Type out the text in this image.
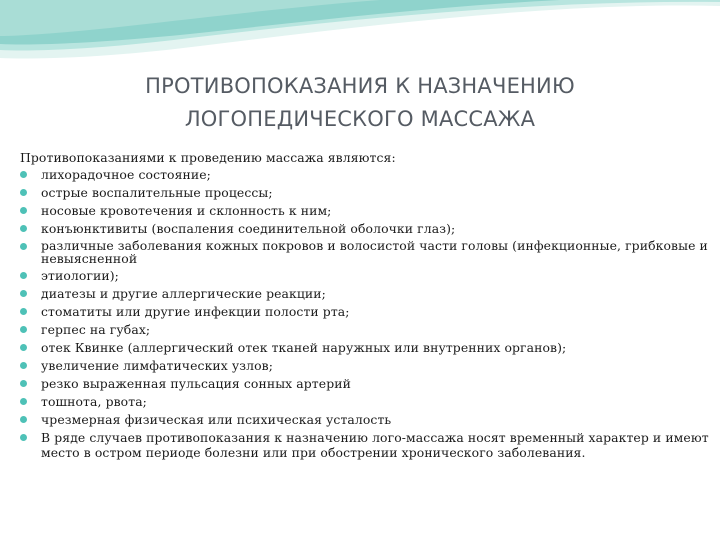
ПРОТИВОПОКАЗАНИЯ К НАЗНАЧЕНИЮ
ЛОГОПЕДИЧЕСКОГО МАССАЖА
Противопоказаниями к проведению массажа являются:
лихорадочное состояние;
острые воспалительные процессы;
носовые кровотечения и склонность к ним;
конъюнктивиты (воспаления соединительной оболочки глаз);
различные заболевания кожных покровов и волосистой части головы (инфекционные, грибковые и невыясненной
этиологии);
диатезы и другие аллергические реакции;
стоматиты или другие инфекции полости рта;
герпес на губах;
отек Квинке (аллергический отек тканей наружных или внутренних органов);
увеличение лимфатических узлов;
резко выраженная пульсация сонных артерий
тошнота, рвота;
чрезмерная физическая или психическая усталость
В ряде случаев противопоказания к назначению лого-массажа носят временный характер и имеют место в остром периоде болезни или при обострении хронического заболевания.
